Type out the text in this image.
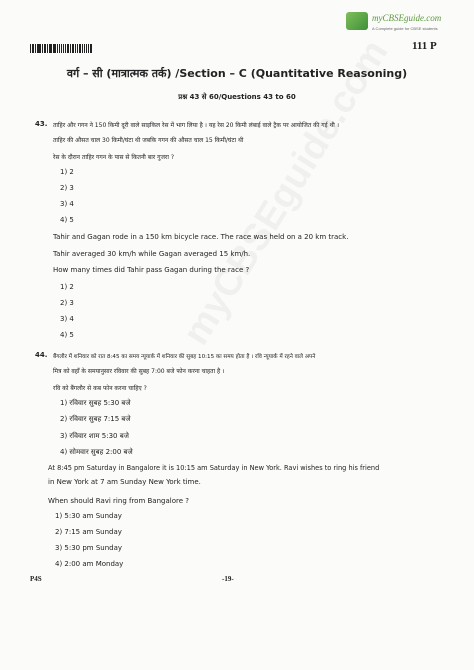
myCBSEguide.com
A Complete guide for CBSE students
111 P
वर्ग – सी (मात्रात्मक तर्क) /Section – C (Quantitative Reasoning)
प्रश्न 43 से 60/Questions 43 to 60
43. ताहिर और गगन ने 150 किमी दूरी वाले साइकिल रेस में भाग लिया है । यह रेस 20 किमी लंबाई वाले ट्रैक पर आयोजित की गई थी ।
ताहिर की औसत चाल 30 किमी/घंटा थी जबकि गगन की औसत चाल 15 किमी/घंटा थी
रेस के दौरान ताहिर गगन के पास से कितनी बार गुजरा ?
1) 2
2) 3
3) 4
4) 5
Tahir and Gagan rode in a 150 km bicycle race. The race was held on a 20 km track.
Tahir averaged 30 km/h while Gagan averaged 15 km/h.
How many times did Tahir pass Gagan during the race ?
1) 2
2) 3
3) 4
4) 5
44. बैंगलौर में शनिवार को रात 8:45 का समय न्यूयार्क में शनिवार की सुबह 10:15 का समय होता है । रवि न्यूयार्क में रहने वाले अपने
मित्र को वहाँ के समयानुसार रविवार की सुबह 7:00 बजे फोन करना चाहता है ।
रवि को बैंगलौर से कब फोन करना चाहिए ?
1) रविवार सुबह 5:30 बजे
2) रविवार सुबह 7:15 बजे
3) रविवार शाम 5:30 बजे
4) सोमवार सुबह 2:00 बजे
At 8:45 pm Saturday in Bangalore it is 10:15 am Saturday in New York. Ravi wishes to ring his friend
in New York at 7 am Sunday New York time.
When should Ravi ring from Bangalore ?
1) 5:30 am Sunday
2) 7:15 am Sunday
3) 5:30 pm Sunday
4) 2:00 am Monday
P4S	-19-
